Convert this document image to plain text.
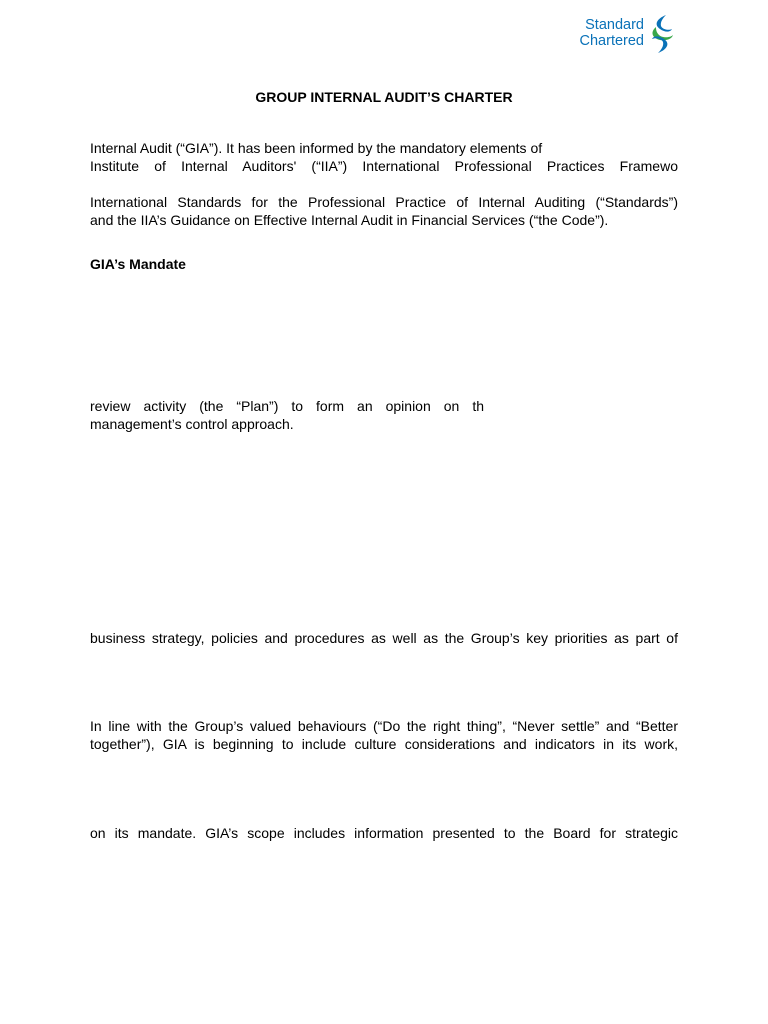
Standard
Chartered
GROUP INTERNAL AUDIT’S CHARTER
Internal Audit (“GIA”). It has been informed by the mandatory elements of
Institute of Internal Auditors' (“IIA”) International Professional Practices Framewo
International Standards for the Professional Practice of Internal Auditing (“Standards”)
and the IIA’s Guidance on Effective Internal Audit in Financial Services (“the Code”).
GIA’s Mandate
review activity (the “Plan”) to form an opinion on th
management’s control approach.
business strategy, policies and procedures as well as the Group’s key priorities as part of
In line with the Group’s valued behaviours (“Do the right thing”, “Never settle” and “Better
together”), GIA is beginning to include culture considerations and indicators in its work,
on its mandate. GIA’s scope includes information presented to the Board for strategic
